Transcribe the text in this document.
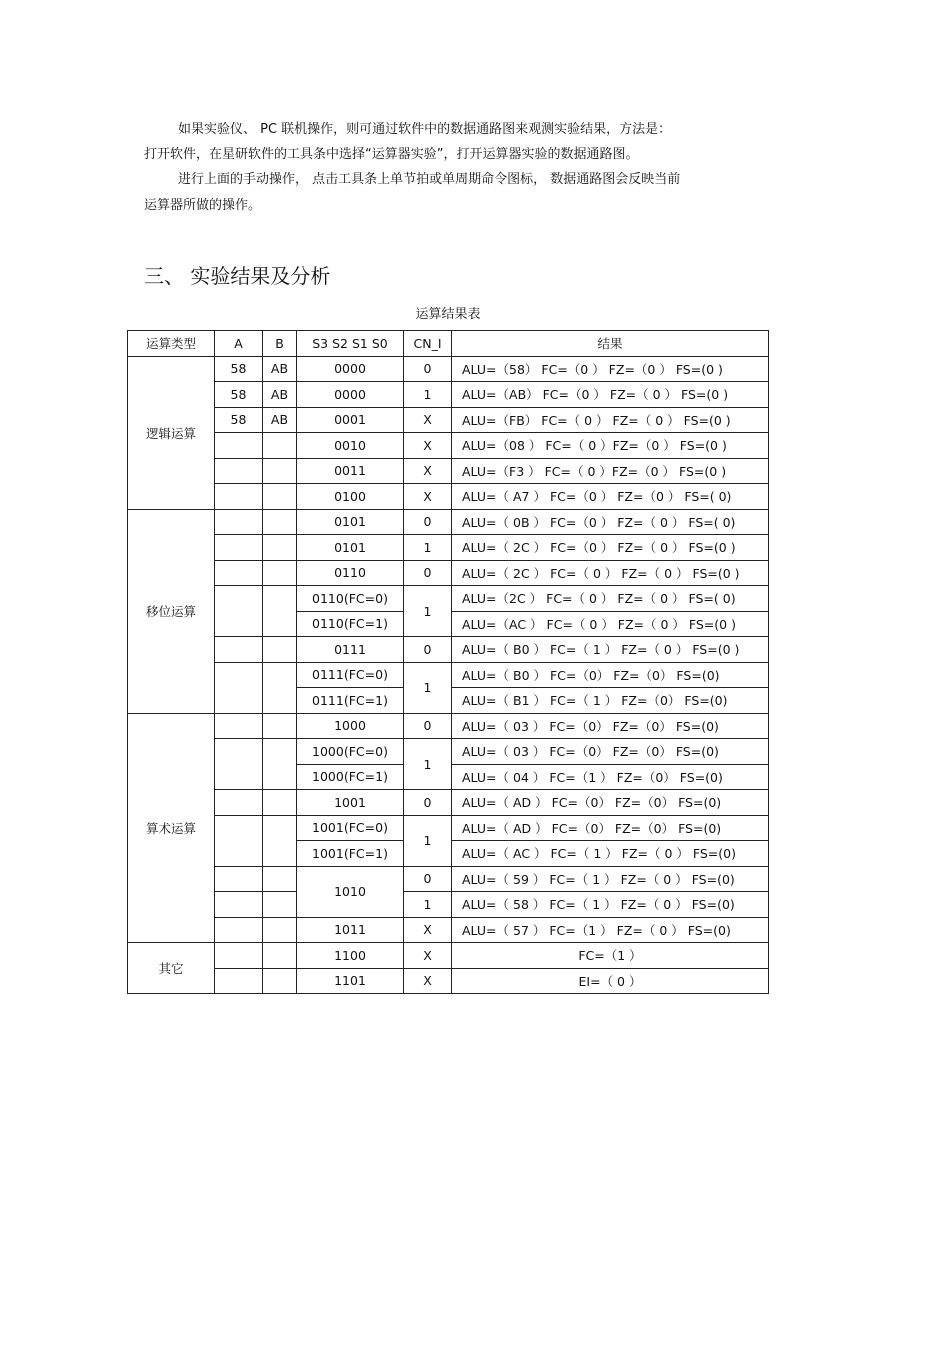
如果实验仪、 PC 联机操作，则可通过软件中的数据通路图来观测实验结果，方法是：
打开软件，在星研软件的工具条中选择“运算器实验”，打开运算器实验的数据通路图。
进行上面的手动操作， 点击工具条上单节拍或单周期命令图标， 数据通路图会反映当前
运算器所做的操作。
三、 实验结果及分析
运算结果表
运算类型	A	B	S3 S2 S1 S0	CN_I	结果
逻辑运算	58	AB	0000	0	ALU=（58） FC=（0 ） FZ=（0 ） FS=(0 )
	58	AB	0000	1	ALU=（AB） FC=（0 ） FZ=（ 0 ） FS=(0 )
	58	AB	0001	X	ALU=（FB） FC=（ 0 ） FZ=（ 0 ） FS=(0 )
			0010	X	ALU=（08 ） FC=（ 0 ）FZ=（0 ） FS=(0 )
			0011	X	ALU=（F3 ） FC=（ 0 ）FZ=（0 ） FS=(0 )
			0100	X	ALU=（ A7 ） FC=（0 ） FZ=（0 ） FS=( 0)
移位运算			0101	0	ALU=（ 0B ） FC=（0 ） FZ=（ 0 ） FS=( 0)
			0101	1	ALU=（ 2C ） FC=（0 ） FZ=（ 0 ） FS=(0 )
			0110	0	ALU=（ 2C ） FC=（ 0 ） FZ=（ 0 ） FS=(0 )
			0110(FC=0)	1	ALU=（2C ） FC=（ 0 ） FZ=（ 0 ） FS=( 0)
			0110(FC=1)		ALU=（AC ） FC=（ 0 ） FZ=（ 0 ） FS=(0 )
			0111	0	ALU=（ B0 ） FC=（ 1 ） FZ=（ 0 ） FS=(0 )
			0111(FC=0)	1	ALU=（ B0 ） FC=（0） FZ=（0） FS=(0)
			0111(FC=1)		ALU=（ B1 ） FC=（ 1 ） FZ=（0） FS=(0)
算术运算			1000	0	ALU=（ 03 ） FC=（0） FZ=（0） FS=(0)
			1000(FC=0)	1	ALU=（ 03 ） FC=（0） FZ=（0） FS=(0)
			1000(FC=1)		ALU=（ 04 ） FC=（1 ） FZ=（0） FS=(0)
			1001	0	ALU=（ AD ） FC=（0） FZ=（0） FS=(0)
			1001(FC=0)	1	ALU=（ AD ） FC=（0） FZ=（0） FS=(0)
			1001(FC=1)		ALU=（ AC ） FC=（ 1 ） FZ=（ 0 ） FS=(0)
			1010	0	ALU=（ 59 ） FC=（ 1 ） FZ=（ 0 ） FS=(0)
				1	ALU=（ 58 ） FC=（ 1 ） FZ=（ 0 ） FS=(0)
			1011	X	ALU=（ 57 ） FC=（1 ） FZ=（ 0 ） FS=(0)
其它			1100	X	FC=（1 ）
			1101	X	EI=（ 0 ）
